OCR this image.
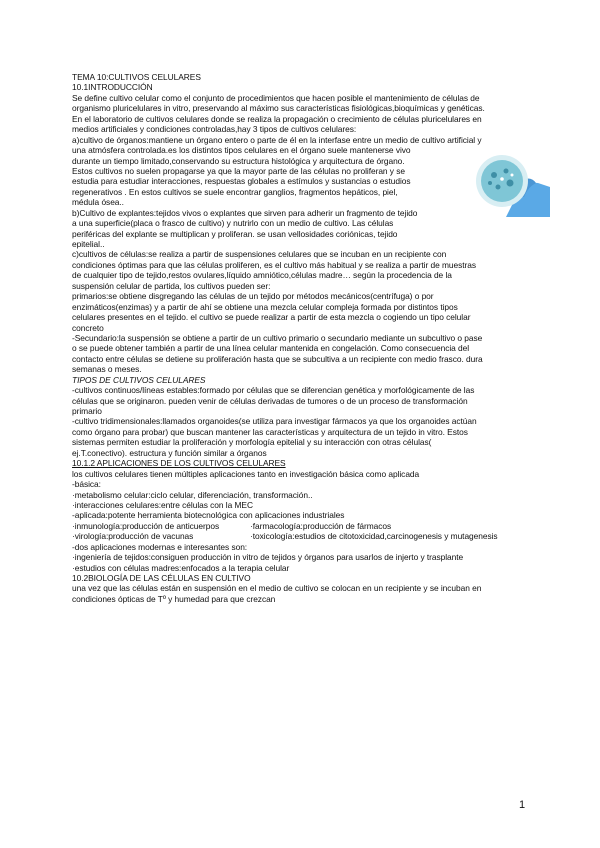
TEMA 10:CULTIVOS CELULARES
10.1INTRODUCCIÓN
Se define cultivo celular como el conjunto de procedimientos que hacen posible el mantenimiento de células de
organismo pluricelulares in vitro, preservando al máximo sus características fisiológicas,bioquímicas y genéticas.
En el laboratorio de cultivos celulares donde se realiza la propagación o crecimiento de células pluricelulares en
medios artificiales y condiciones controladas,hay 3 tipos de cultivos celulares:
a)cultivo de órganos:mantiene un órgano entero o parte de él en la interfase entre un medio de cultivo artificial y
una atmósfera controlada.es los distintos tipos celulares en el órgano suele mantenerse vivo
durante un tiempo limitado,conservando su estructura histológica y arquitectura de órgano.
Estos cultivos no suelen propagarse ya que la mayor parte de las células no proliferan y se
estudia para estudiar interacciones, respuestas globales a estímulos y sustancias o estudios
regenerativos . En estos cultivos se suele encontrar ganglios, fragmentos hepáticos, piel,
médula ósea..
b)Cultivo de explantes:tejidos vivos o explantes que sirven para adherir un fragmento de tejido
a una superficie(placa o frasco de cultivo) y nutrirlo con un medio de cultivo. Las células
periféricas del explante se multiplican y proliferan. se usan vellosidades coriónicas, tejido
epitelial..
c)cultivos de células:se realiza a partir de suspensiones celulares que se incuban en un recipiente con
condiciones óptimas para que las células proliferen, es el cultivo más habitual y se realiza a partir de muestras
de cualquier tipo de tejido,restos ovulares,líquido amniótico,células madre… según la procedencia de la
suspensión celular de partida, los cultivos pueden ser:
primarios:se obtiene disgregando las células de un tejido por métodos mecánicos(centrífuga) o por
enzimáticos(enzimas) y a partir de ahí se obtiene una mezcla celular compleja formada por distintos tipos
celulares presentes en el tejido. el cultivo se puede realizar a partir de esta mezcla o cogiendo un tipo celular
concreto
-Secundario:la suspensión se obtiene a partir de un cultivo primario o secundario mediante un subcultivo o pase
o se puede obtener también a partir de una línea celular mantenida en congelación. Como consecuencia del
contacto entre células se detiene su proliferación hasta que se subcultiva a un recipiente con medio frasco. dura
semanas o meses.
TIPOS DE CULTIVOS CELULARES
-cultivos continuos/líneas estables:formado por células que se diferencian genética y morfológicamente de las
células que se originaron. pueden venir de células derivadas de tumores o de un proceso de transformación
primario
-cultivo tridimensionales:llamados organoides(se utiliza para investigar fármacos ya que los organoides actúan
como órgano para probar) que buscan mantener las características y arquitectura de un tejido in vitro. Estos
sistemas permiten estudiar la proliferación y morfología epitelial y su interacción con otras células(
ej.T.conectivo). estructura y función similar a órganos
10.1.2 APLICACIONES DE LOS CULTIVOS CELULARES
los cultivos celulares tienen múltiples aplicaciones tanto en investigación básica como aplicada
-básica:
·metabolismo celular:ciclo celular, diferenciación, transformación..
·interacciones celulares:entre células con la MEC
-aplicada:potente herramienta biotecnológica con aplicaciones industriales
·inmunología:producción de anticuerpos	·farmacología:producción de fármacos
·virología:producción de vacunas	·toxicología:estudios de citotoxicidad,carcinogenesis y mutagenesis
-dos aplicaciones modernas e interesantes son:
·ingeniería de tejidos:consiguen producción in vitro de tejidos y órganos para usarlos de injerto y trasplante
·estudios con células madres:enfocados a la terapia celular
10.2BIOLOGÍA DE LAS CÉLULAS EN CULTIVO
una vez que las células están en suspensión en el medio de cultivo se colocan en un recipiente y se incuban en
condiciones ópticas de Tº y humedad para que crezcan
1
